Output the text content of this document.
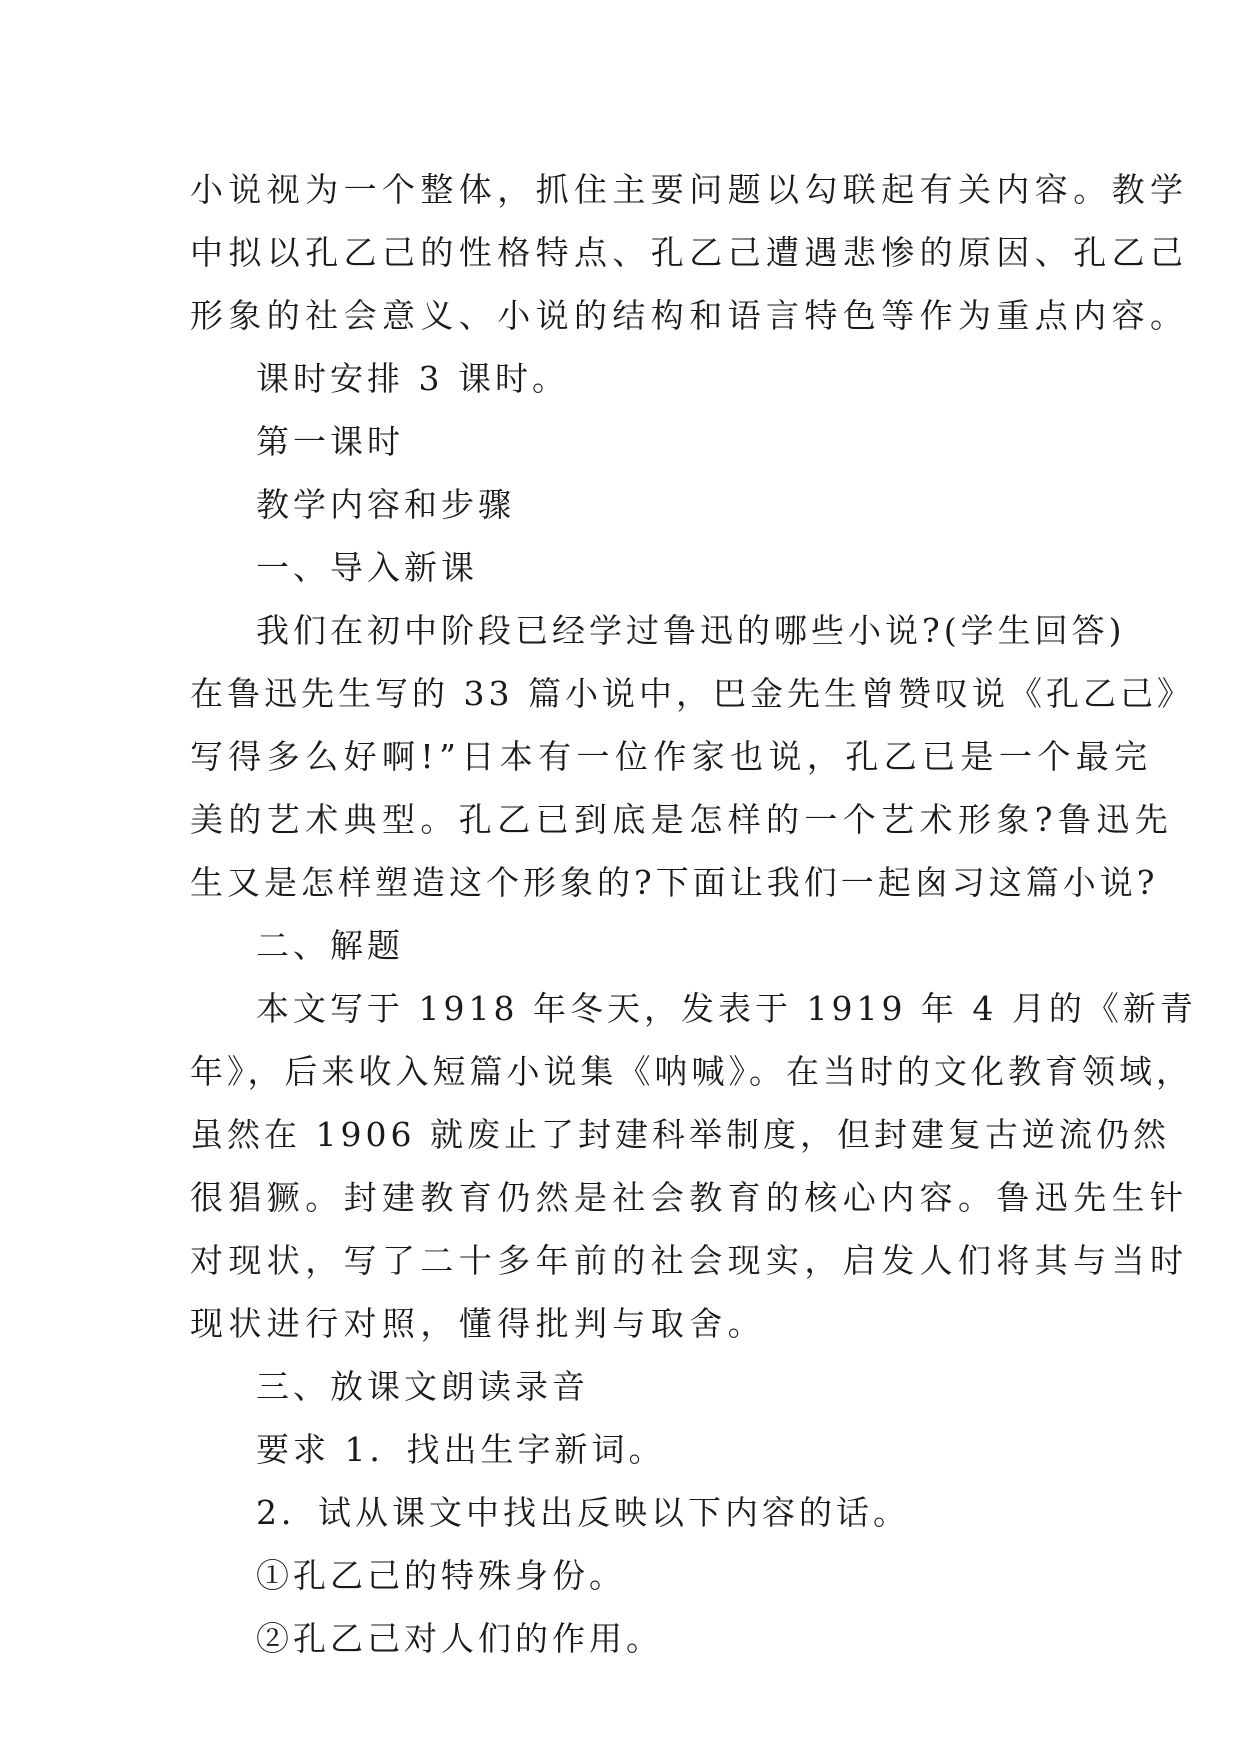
小说视为一个整体，抓住主要问题以勾联起有关内容。教学
中拟以孔乙己的性格特点、孔乙己遭遇悲惨的原因、孔乙己
形象的社会意义、小说的结构和语言特色等作为重点内容。
课时安排 3 课时。
第一课时
教学内容和步骤
一、导入新课
我们在初中阶段已经学过鲁迅的哪些小说?(学生回答)
在鲁迅先生写的 33 篇小说中，巴金先生曾赞叹说《孔乙己》
写得多么好啊!”日本有一位作家也说，孔乙已是一个最完
美的艺术典型。孔乙已到底是怎样的一个艺术形象?鲁迅先
生又是怎样塑造这个形象的?下面让我们一起囪习这篇小说?
二、解题
本文写于 1918 年冬天，发表于 1919 年 4 月的《新青
年》，后来收入短篇小说集《呐喊》。在当时的文化教育领域，
虽然在 1906 就废止了封建科举制度，但封建复古逆流仍然
很猖獗。封建教育仍然是社会教育的核心内容。鲁迅先生针
对现状，写了二十多年前的社会现实，启发人们将其与当时
现状进行对照，懂得批判与取舍。
三、放课文朗读录音
要求 1．找出生字新词。
2．试从课文中找出反映以下内容的话。
①孔乙己的特殊身份。
②孔乙己对人们的作用。
